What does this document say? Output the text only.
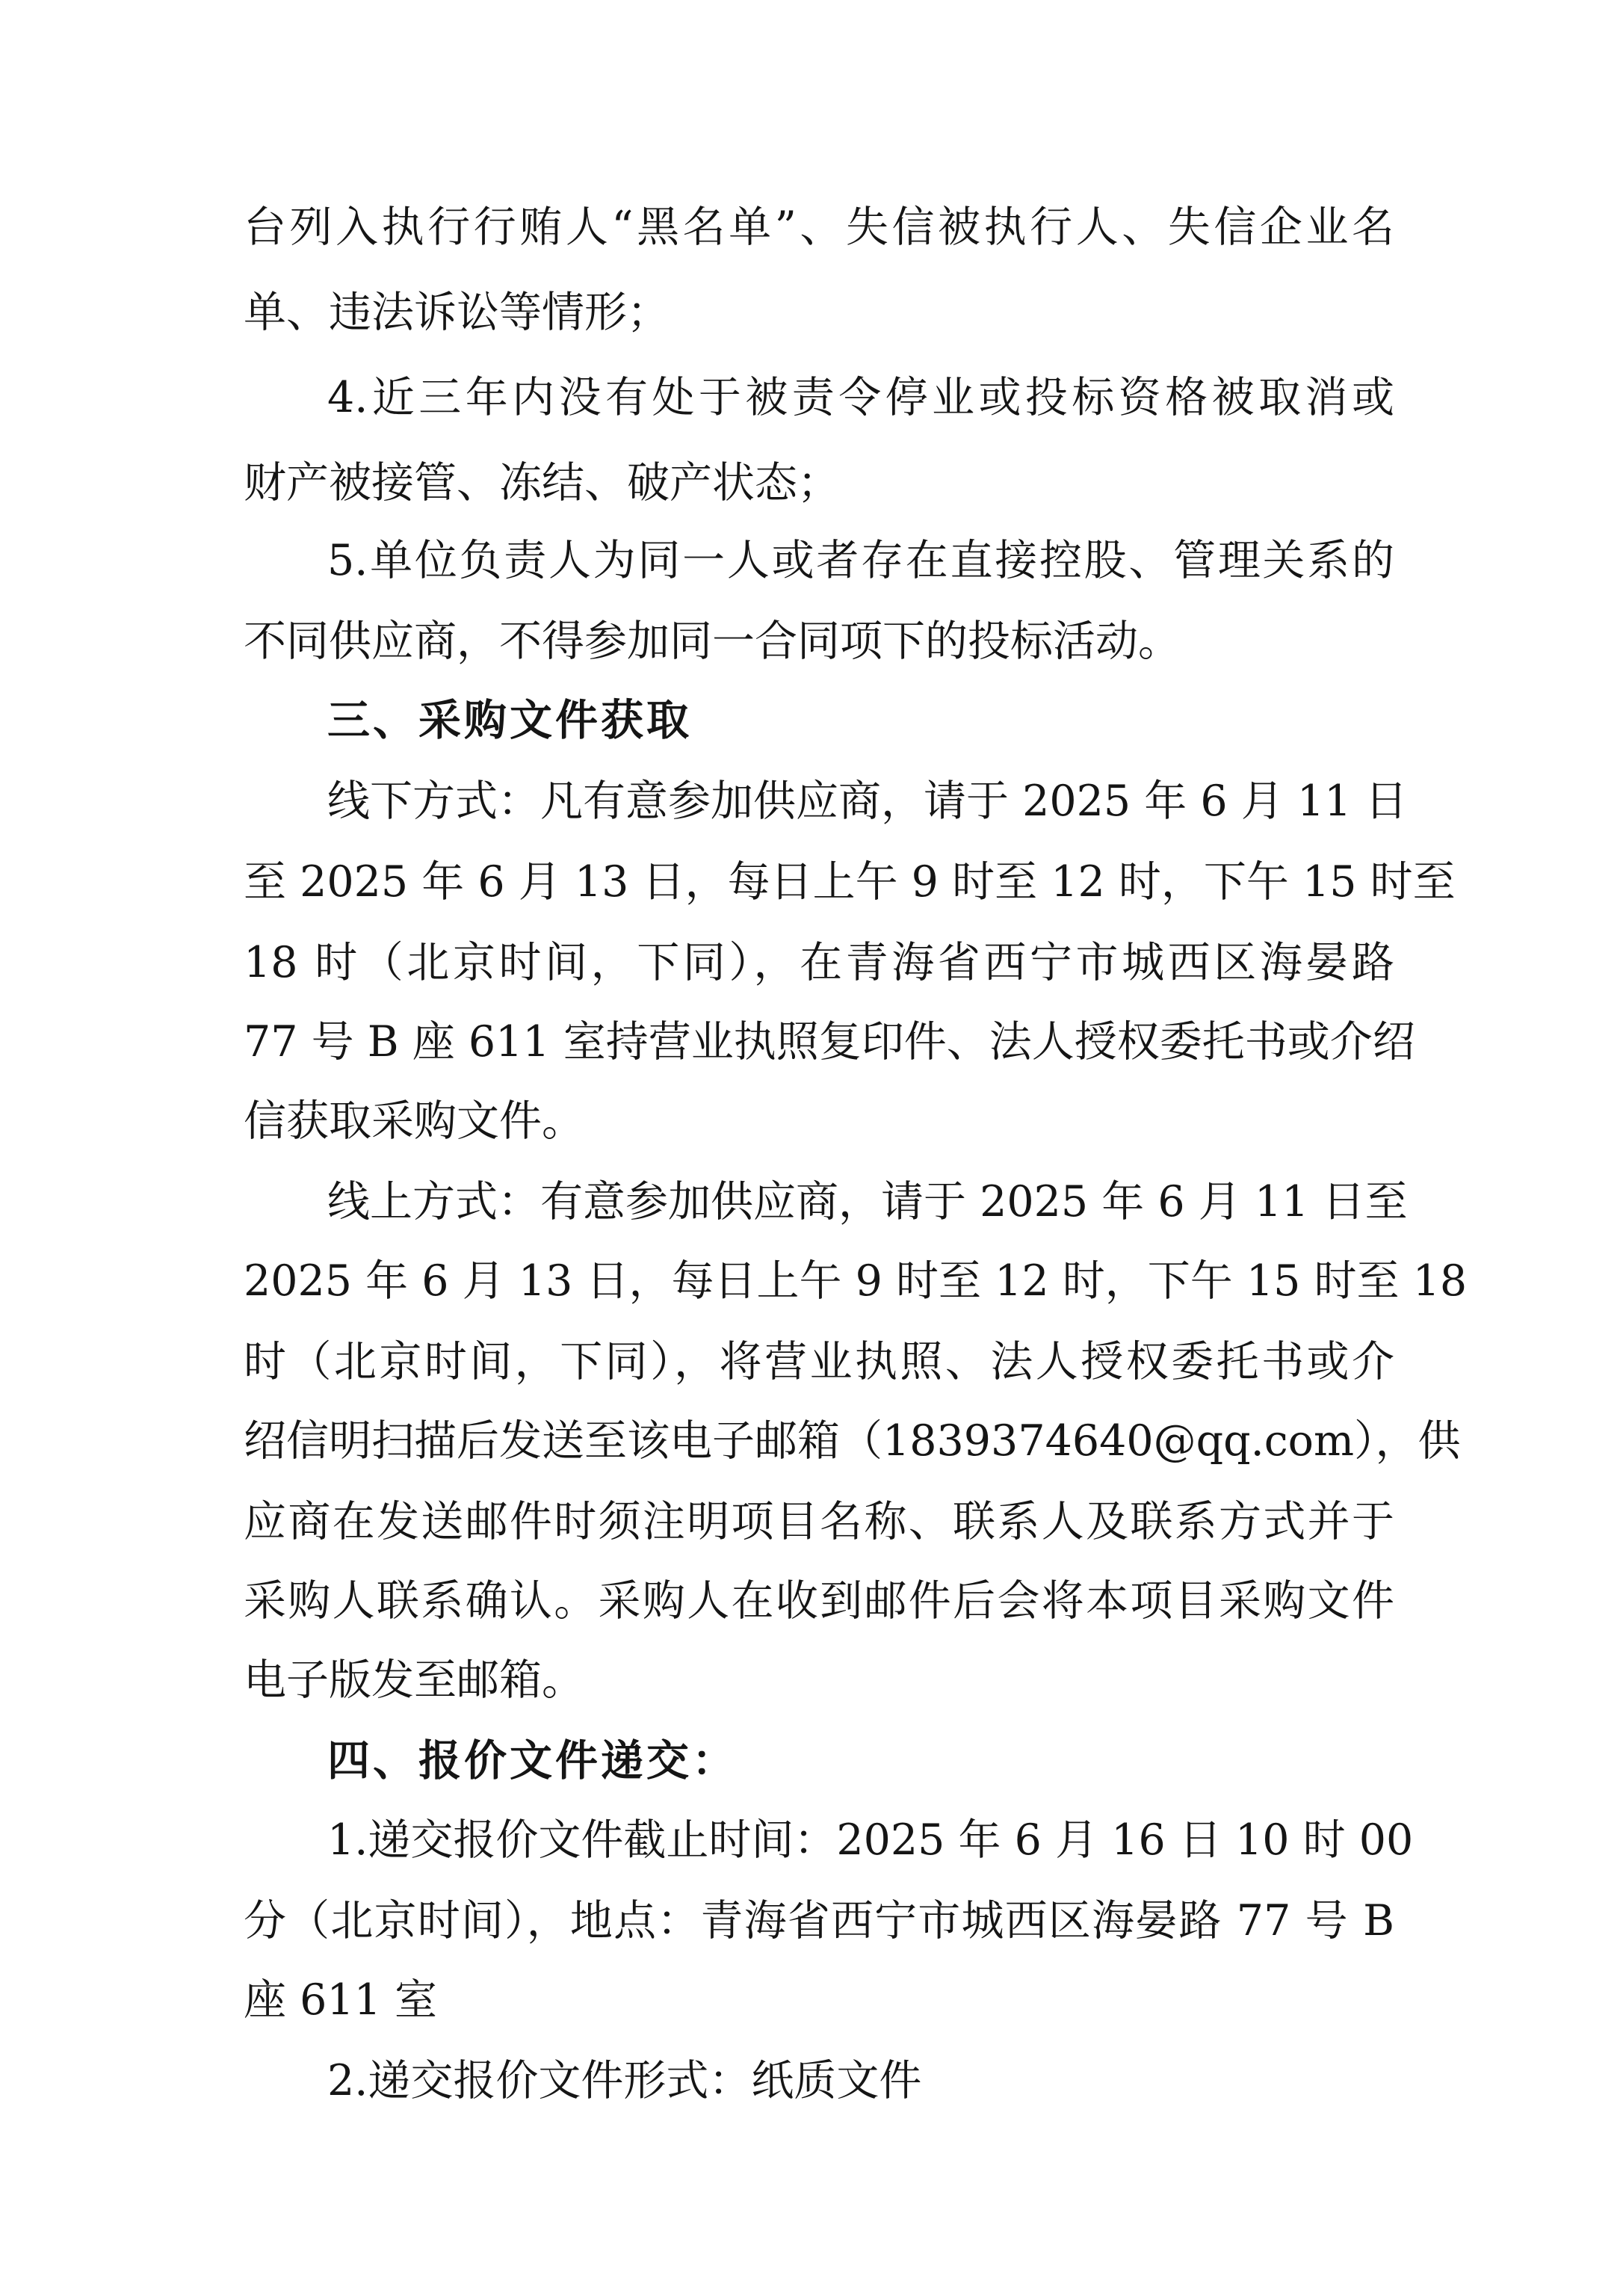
台列入执行行贿人“黑名单”、失信被执行人、失信企业名
单、违法诉讼等情形；
4.近三年内没有处于被责令停业或投标资格被取消或
财产被接管、冻结、破产状态；
5.单位负责人为同一人或者存在直接控股、管理关系的
不同供应商，不得参加同一合同项下的投标活动。
三、采购文件获取
线下方式：凡有意参加供应商，请于 2025 年 6 月 11 日
至 2025 年 6 月 13 日，每日上午 9 时至 12 时，下午 15 时至
18 时（北京时间，下同），在青海省西宁市城西区海晏路
77 号 B 座 611 室持营业执照复印件、法人授权委托书或介绍
信获取采购文件。
线上方式：有意参加供应商，请于 2025 年 6 月 11 日至
2025 年 6 月 13 日，每日上午 9 时至 12 时，下午 15 时至 18
时（北京时间，下同），将营业执照、法人授权委托书或介
绍信明扫描后发送至该电子邮箱（1839374640@qq.com），供
应商在发送邮件时须注明项目名称、联系人及联系方式并于
采购人联系确认。采购人在收到邮件后会将本项目采购文件
电子版发至邮箱。
四、报价文件递交：
1.递交报价文件截止时间：2025 年 6 月 16 日 10 时 00
分（北京时间），地点：青海省西宁市城西区海晏路 77 号 B
座 611 室
2.递交报价文件形式：纸质文件
